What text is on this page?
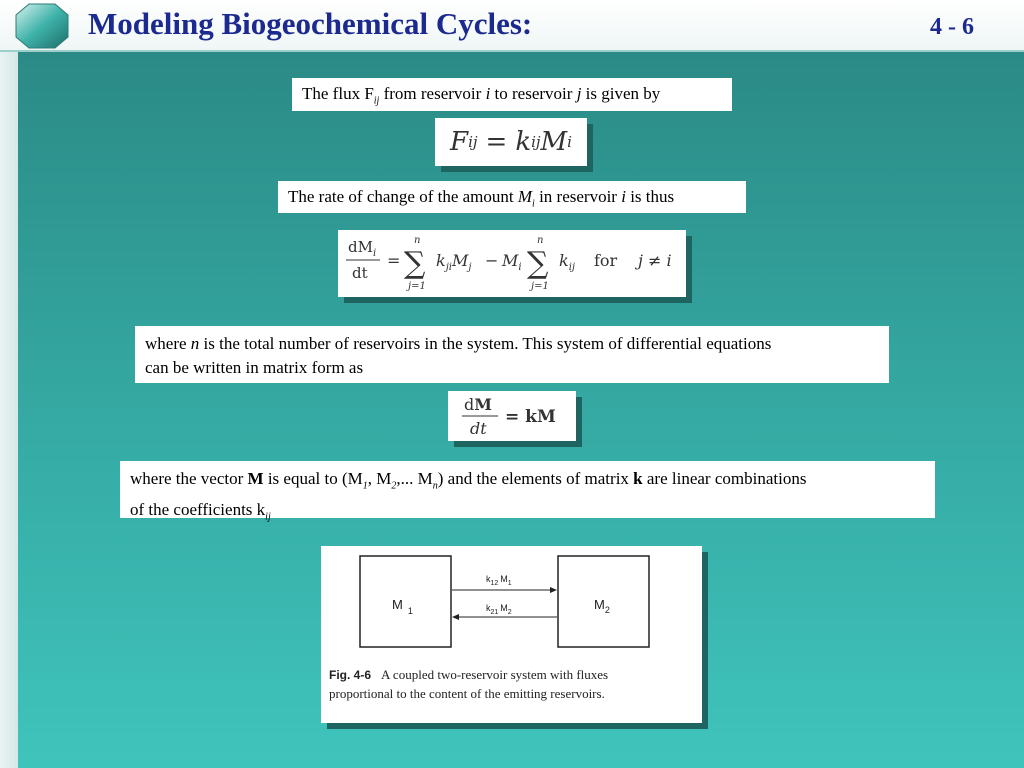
Modeling Biogeochemical Cycles:	4 - 6
The flux $F_{ij}$ from reservoir i to reservoir j is given by
F ij = k ij M i
The rate of change of the amount $M_i$ in reservoir i is thus
$dM_i$
dt
=
n
∑
j=1
$k_{ji}M_j - M_i$
n
∑
j=1
$k_{ij}$ for j ≠ i
where n is the total number of reservoirs in the system. This system of differential equations
can be written in matrix form as
dM
dt
= kM
where the vector M is equal to ($M_1$, $M_2$,... $M_n$) and the elements of matrix k are linear combinations
of the coefficients $k_{ij}$
M $_1$	$M_2$
$k_{12}$ $M_1$
$k_{21}$ $M_2$
Fig. 4-6 A coupled two-reservoir system with fluxes
proportional to the content of the emitting reservoirs.
